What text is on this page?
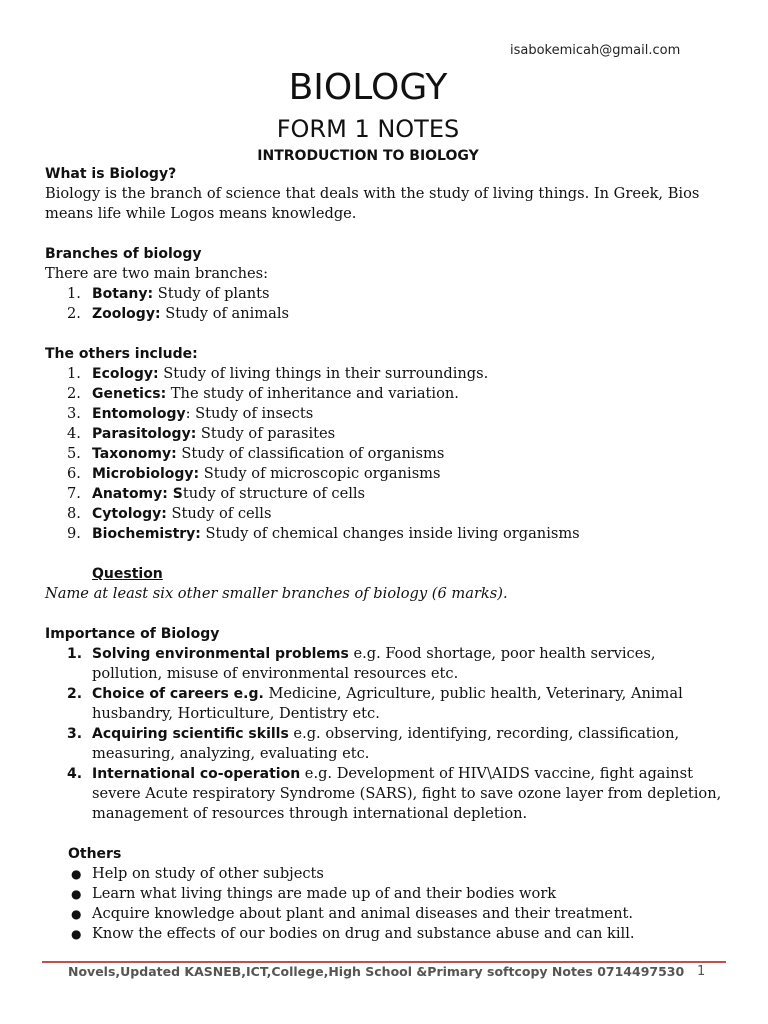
isabokemicah@gmail.com
BIOLOGY
FORM 1 NOTES
INTRODUCTION TO BIOLOGY

What is Biology?

Biology is the branch of science that deals with the study of living things. In Greek, Bios means life while Logos means knowledge.

Branches of biology

There are two main branches:

1. Botany: Study of plants
2. Zoology: Study of animals

The others include:

1. Ecology: Study of living things in their surroundings.
2. Genetics: The study of inheritance and variation.
3. Entomology: Study of insects
4. Parasitology: Study of parasites
5. Taxonomy: Study of classification of organisms
6. Microbiology: Study of microscopic organisms
7. Anatomy: Study of structure of cells
8. Cytology: Study of cells
9. Biochemistry: Study of chemical changes inside living organisms

Question

Name at least six other smaller branches of biology (6 marks).

Importance of Biology

1. Solving environmental problems e.g. Food shortage, poor health services, pollution, misuse of environmental resources etc.
2. Choice of careers e.g. Medicine, Agriculture, public health, Veterinary, Animal husbandry, Horticulture, Dentistry etc.
3. Acquiring scientific skills e.g. observing, identifying, recording, classification, measuring, analyzing, evaluating etc.
4. International co-operation e.g. Development of HIV\AIDS vaccine, fight against severe Acute respiratory Syndrome (SARS), fight to save ozone layer from depletion, management of resources through international depletion.

Others

● Help on study of other subjects
● Learn what living things are made up of and their bodies work
● Acquire knowledge about plant and animal diseases and their treatment.
● Know the effects of our bodies on drug and substance abuse and can kill.
Novels,Updated KASNEB,ICT,College,High School &Primary softcopy Notes 0714497530 1
